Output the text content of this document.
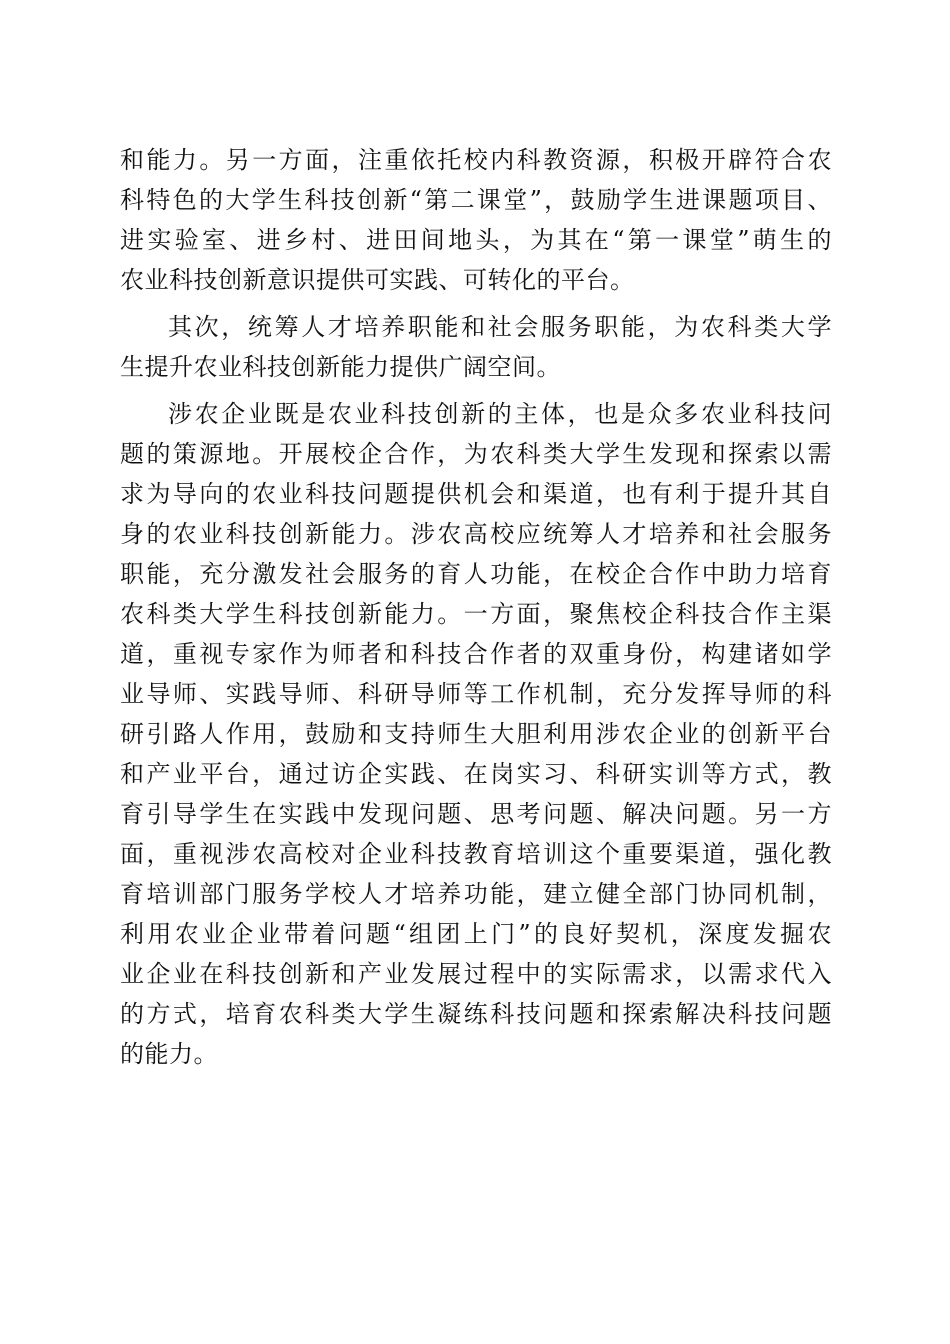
和能力。另一方面，注重依托校内科教资源，积极开辟符合农
科特色的大学生科技创新“第二课堂”，鼓励学生进课题项目、
进实验室、进乡村、进田间地头，为其在“第一课堂”萌生的
农业科技创新意识提供可实践、可转化的平台。
其次，统筹人才培养职能和社会服务职能，为农科类大学
生提升农业科技创新能力提供广阔空间。
涉农企业既是农业科技创新的主体，也是众多农业科技问
题的策源地。开展校企合作，为农科类大学生发现和探索以需
求为导向的农业科技问题提供机会和渠道，也有利于提升其自
身的农业科技创新能力。涉农高校应统筹人才培养和社会服务
职能，充分激发社会服务的育人功能，在校企合作中助力培育
农科类大学生科技创新能力。一方面，聚焦校企科技合作主渠
道，重视专家作为师者和科技合作者的双重身份，构建诸如学
业导师、实践导师、科研导师等工作机制，充分发挥导师的科
研引路人作用，鼓励和支持师生大胆利用涉农企业的创新平台
和产业平台，通过访企实践、在岗实习、科研实训等方式，教
育引导学生在实践中发现问题、思考问题、解决问题。另一方
面，重视涉农高校对企业科技教育培训这个重要渠道，强化教
育培训部门服务学校人才培养功能，建立健全部门协同机制，
利用农业企业带着问题“组团上门”的良好契机，深度发掘农
业企业在科技创新和产业发展过程中的实际需求，以需求代入
的方式，培育农科类大学生凝练科技问题和探索解决科技问题
的能力。
